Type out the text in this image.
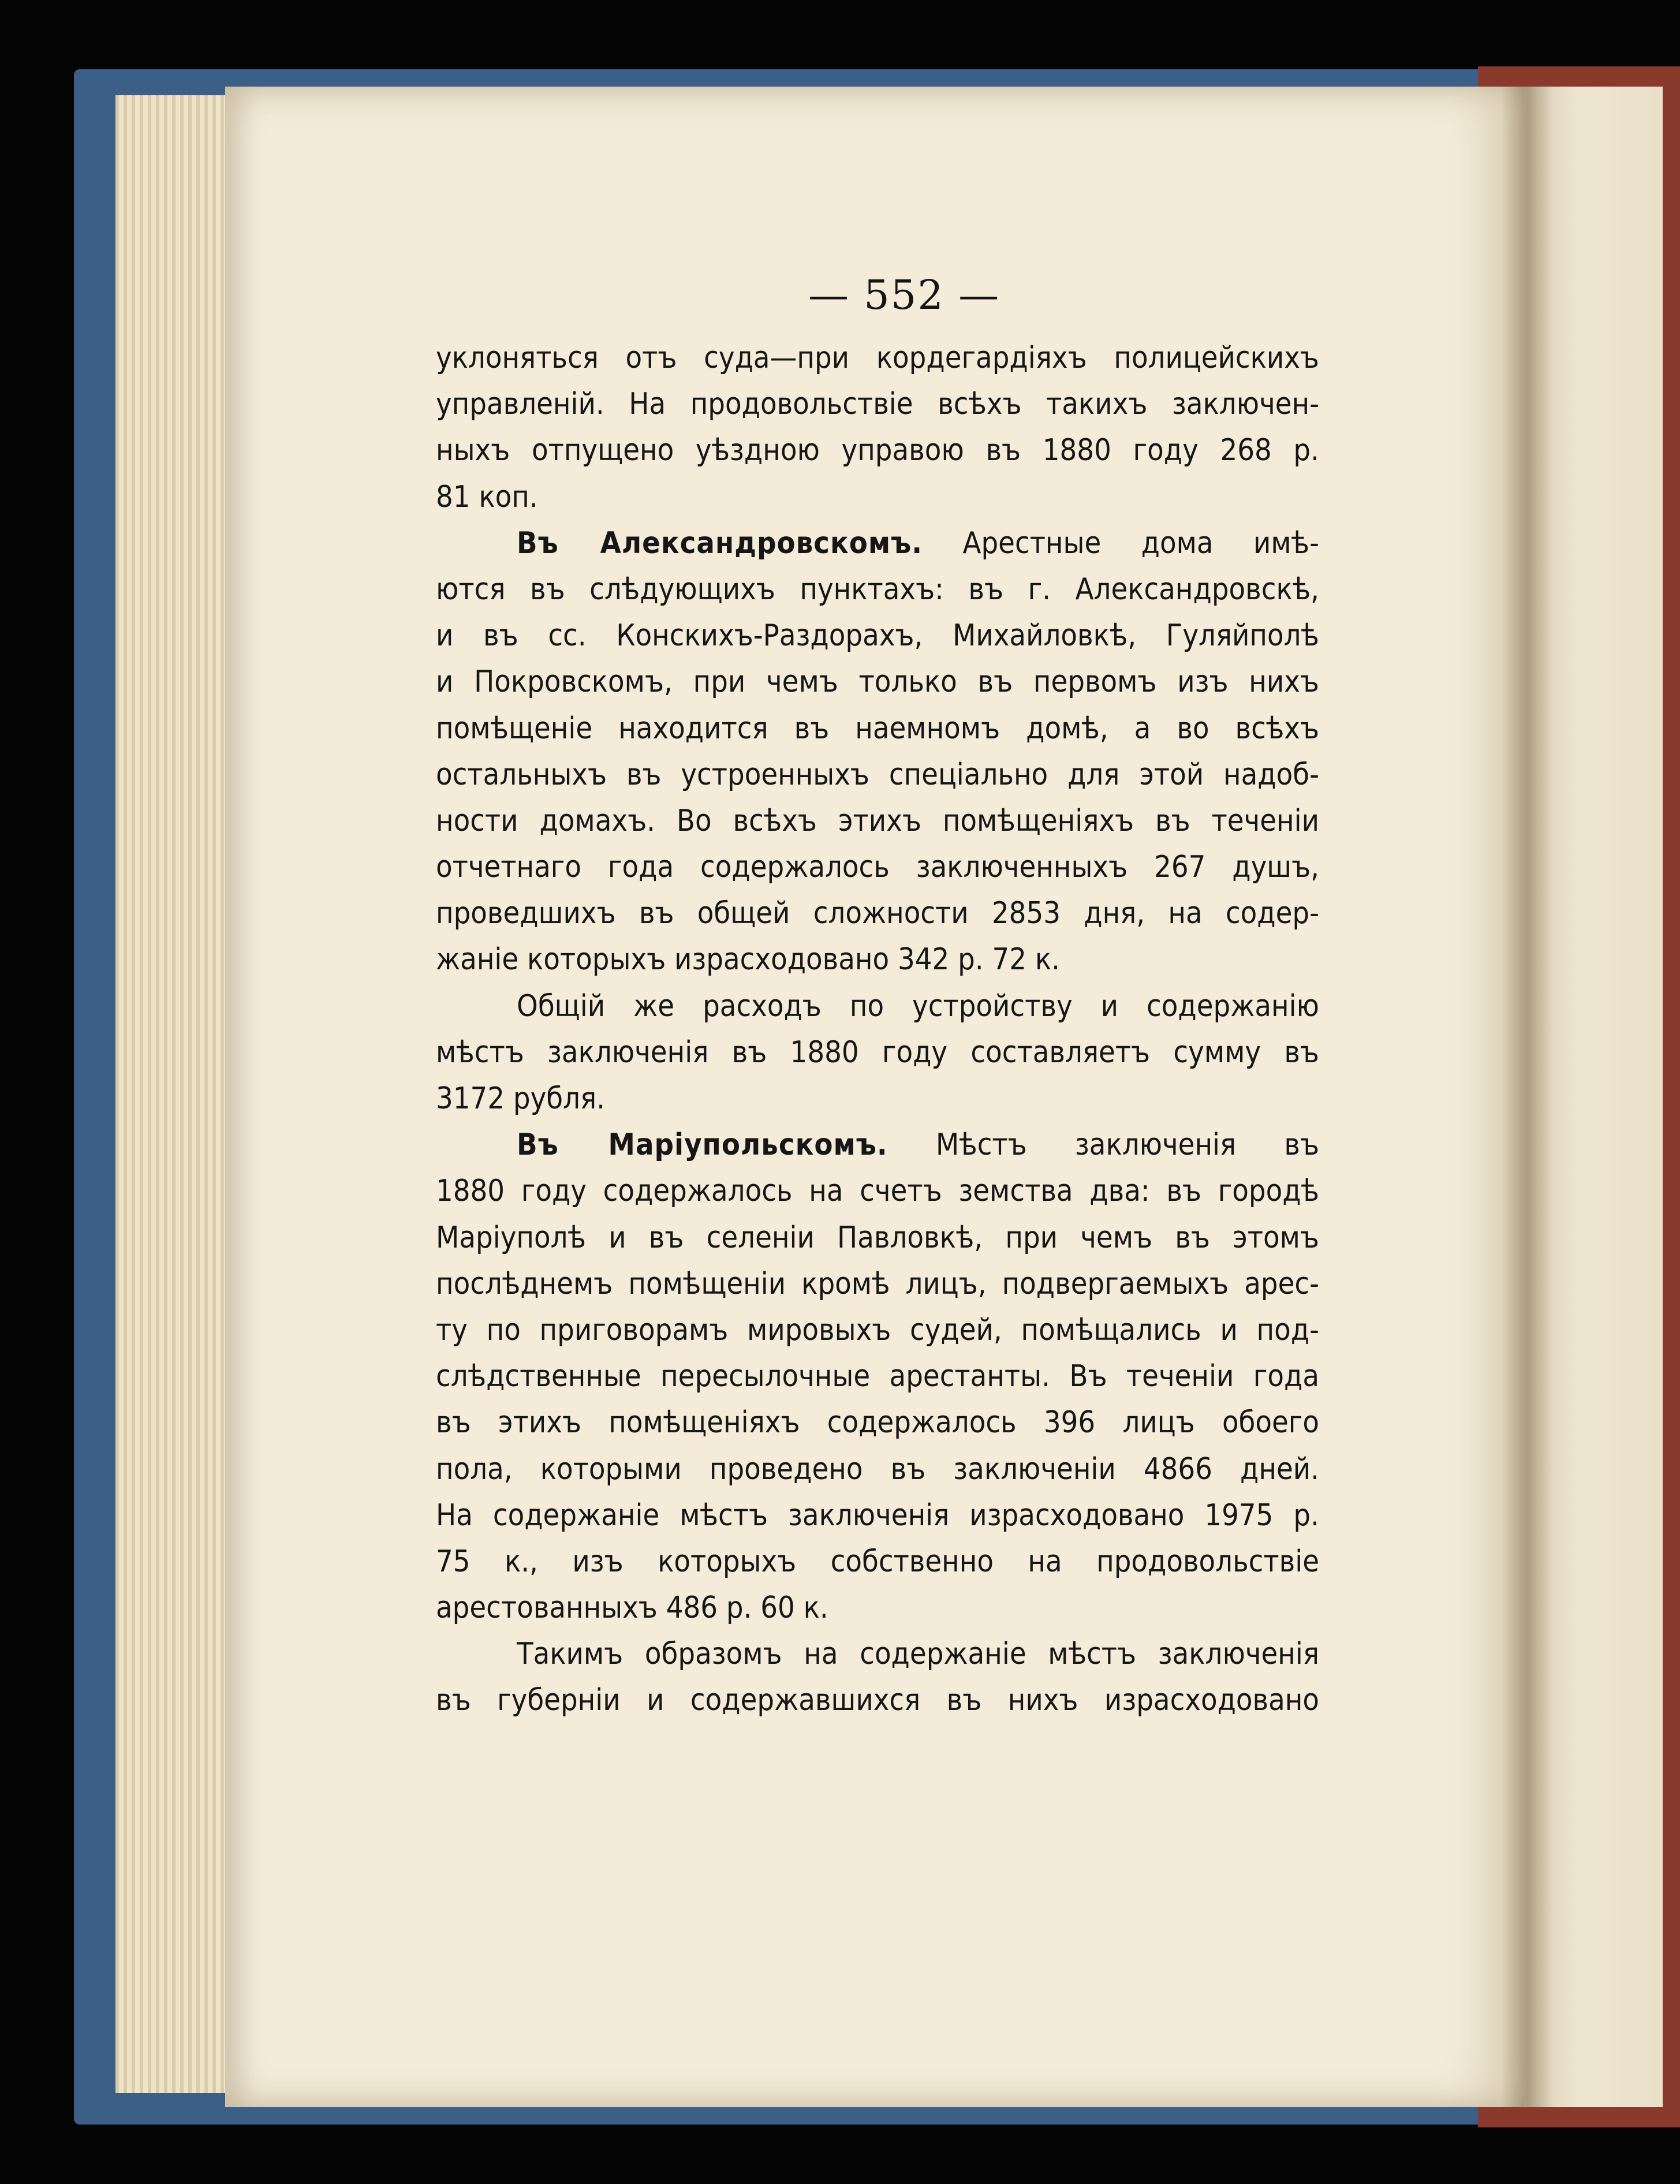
— 552 —
уклоняться отъ суда—при кордегардіяхъ полицейскихъ
управленій. На продовольствіе всѣхъ такихъ заключен-
ныхъ отпущено уѣздною управою въ 1880 году 268 р.
81 коп.
Въ Александровскомъ. Арестные дома имѣ-
ются въ слѣдующихъ пунктахъ: въ г. Александровскѣ,
и въ сс. Конскихъ-Раздорахъ, Михайловкѣ, Гуляйполѣ
и Покровскомъ, при чемъ только въ первомъ изъ нихъ
помѣщеніе находится въ наемномъ домѣ, а во всѣхъ
остальныхъ въ устроенныхъ спеціально для этой надоб-
ности домахъ. Во всѣхъ этихъ помѣщеніяхъ въ теченіи
отчетнаго года содержалось заключенныхъ 267 душъ,
проведшихъ въ общей сложности 2853 дня, на содер-
жаніе которыхъ израсходовано 342 р. 72 к.
Общій же расходъ по устройству и содержанію
мѣстъ заключенія въ 1880 году составляетъ сумму въ
3172 рубля.
Въ Маріупольскомъ. Мѣстъ заключенія въ
1880 году содержалось на счетъ земства два: въ городѣ
Маріуполѣ и въ селеніи Павловкѣ, при чемъ въ этомъ
послѣднемъ помѣщеніи кромѣ лицъ, подвергаемыхъ арес-
ту по приговорамъ мировыхъ судей, помѣщались и под-
слѣдственные пересылочные арестанты. Въ теченіи года
въ этихъ помѣщеніяхъ содержалось 396 лицъ обоего
пола, которыми проведено въ заключеніи 4866 дней.
На содержаніе мѣстъ заключенія израсходовано 1975 р.
75 к., изъ которыхъ собственно на продовольствіе
арестованныхъ 486 р. 60 к.
Такимъ образомъ на содержаніе мѣстъ заключенія
въ губерніи и содержавшихся въ нихъ израсходовано
